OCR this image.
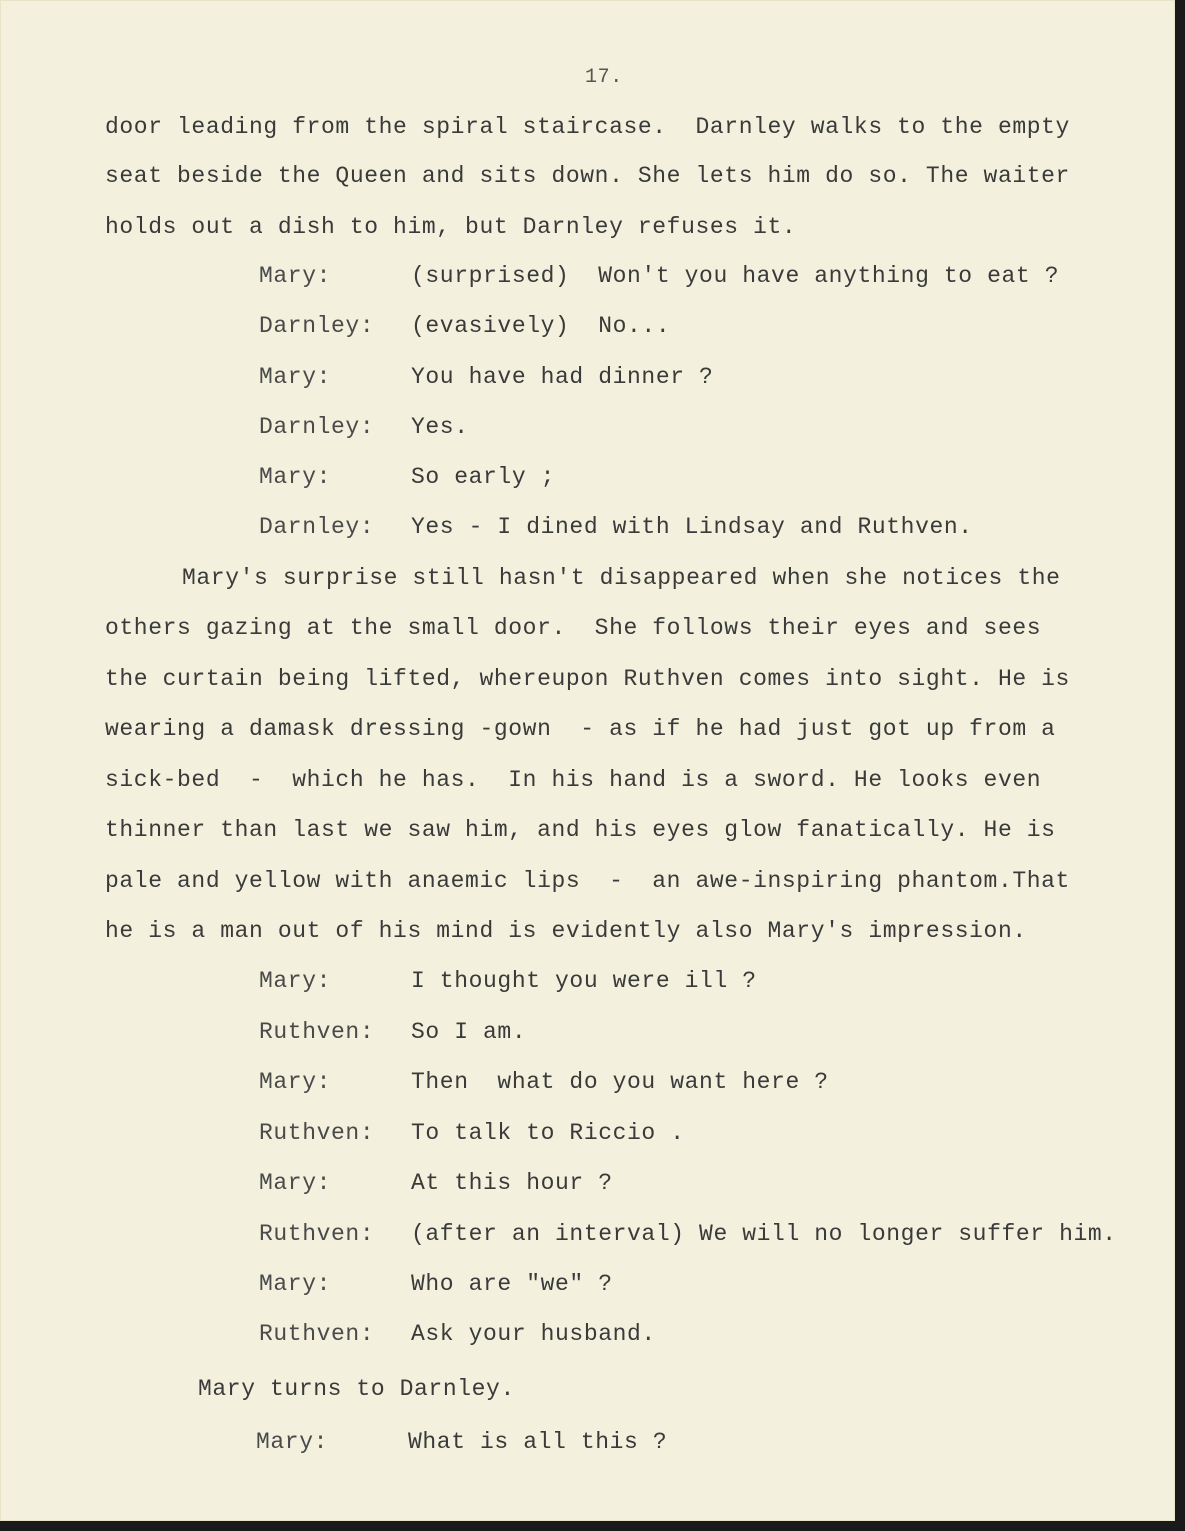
17.
door leading from the spiral staircase.  Darnley walks to the empty
seat beside the Queen and sits down. She lets him do so. The waiter
holds out a dish to him, but Darnley refuses it.
Mary:	(surprised)  Won't you have anything to eat ?
Darnley: (evasively)  No...
Mary:	You have had dinner ?
Darnley: Yes.
Mary:	So early ;
Darnley: Yes - I dined with Lindsay and Ruthven.
Mary's surprise still hasn't disappeared when she notices the
others gazing at the small door.  She follows their eyes and sees
the curtain being lifted, whereupon Ruthven comes into sight. He is
wearing a damask dressing -gown  - as if he had just got up from a
sick-bed  -  which he has.  In his hand is a sword. He looks even
thinner than last we saw him, and his eyes glow fanatically. He is
pale and yellow with anaemic lips  -  an awe-inspiring phantom.That
he is a man out of his mind is evidently also Mary's impression.
Mary:	I thought you were ill ?
Ruthven: So I am.
Mary:	Then  what do you want here ?
Ruthven: To talk to Riccio .
Mary:	At this hour ?
Ruthven: (after an interval) We will no longer suffer him.
Mary:	Who are "we" ?
Ruthven: Ask your husband.
Mary turns to Darnley.
Mary:	What is all this ?
